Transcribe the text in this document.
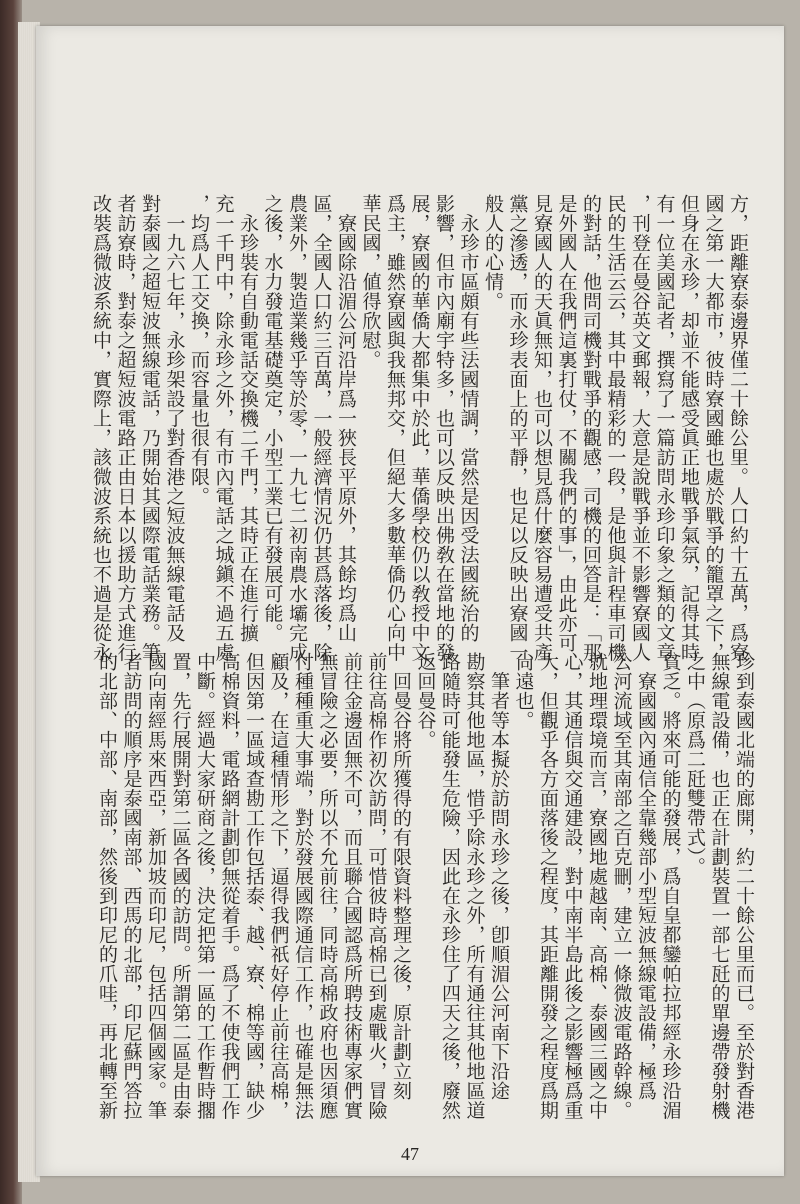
方，距離寮泰邊界僅二十餘公里。人口約十五萬，爲寮
國之第一大都市，彼時寮國雖也處於戰爭的籠罩之下，
但身在永珍，却並不能感受眞正地戰爭氣氛，記得其時
有一位美國記者，撰寫了一篇訪問永珍印象之類的文章
，刊登在曼谷英文郵報，大意是說戰爭並不影響寮國人
民的生活云云，其中最精彩的一段，是他與計程車司機
的對話，他問司機對戰爭的觀感，司機的回答是：「那
是外國人在我們這裏打仗，不關我們的事」，由此亦可
見寮國人的天眞無知，也可以想見爲什麼容易遭受共產
黨之滲透，而永珍表面上的平靜，也足以反映出寮國一
般人的心情。
　永珍市區頗有些法國情調，當然是因受法國統治的
影響，但市內廟宇特多，也可以反映出佛敎在當地的發
展，寮國的華僑大都集中於此，華僑學校仍以敎授中文
爲主，雖然寮國與我無邦交，但絕大多數華僑仍心向中
華民國，値得欣慰。
　寮國除沿湄公河沿岸爲一狹長平原外，其餘均爲山
區，全國人口約三百萬，一般經濟情況仍甚爲落後，除
農業外，製造業幾乎等於零，一九七二初南農水壩完成
之後，水力發電基礎奠定，小型工業已有發展可能。
　永珍裝有自動電話交換機二千門，其時正在進行擴
充一千門中，除永珍之外，有市內電話之城鎭不過五處
，均爲人工交換，而容量也很有限。
　一九六七年，永珍架設了對香港之短波無線電話及
對泰國之超短波無線電話，乃開始其國際電話業務。筆
者訪寮時，對泰之超短波電路正由日本以援助方式進行
改裝爲微波系統中，實際上，該微波系統也不過是從永
珍到泰國北端的廊開，約二十餘公里而已。至於對香港
無線電設備，也正在計劃裝置一部七瓩的單邊帶發射機
之中（原爲二瓩雙帶式）。
貧乏。將來可能的發展，爲自皇都鑾帕拉邦經永珍沿湄
　寮國國內通信全靠幾部小型短波無線電設備，極爲
公河流域至其南部之百克刪，建立一條微波電路幹線。
就地理環境而言，寮國地處越南、高棉、泰國三國之中
心，其通信與交通建設，對中南半島此後之影響極爲重
大，但觀乎各方面落後之程度，其距離開發之程度爲期
尙遠也。
　筆者等本擬於訪問永珍之後，卽順湄公河南下沿途
勘察其他地區，惜乎除永珍之外，所有通往其他地區道
路隨時可能發生危險，因此在永珍住了四天之後，廢然
返回曼谷。
　回曼谷將所獲得的有限資料整理之後，原計劃立刻
前往高棉作初次訪問，可惜彼時高棉已到處戰火，冒險
前往金邊固無不可，而且聯合國認爲所聘技術專家們實
無冒險之必要，所以不允前往，同時高棉政府也因須應
付種種重大事端，對於發展國際通信工作，也確是無法
顧及，在這種情形之下，逼得我們祇好停止前往高棉，
但因第一區域查勘工作包括泰、越、寮、棉等國，缺少
高棉資料，電路網計劃卽無從着手。爲了不使我們工作
中斷。經過大家研商之後，決定把第一區的工作暫時擱
置，先行展開對第二區各國的訪問。所謂第二區是由泰
國向南經馬來西亞，新加坡而印尼，包括四個國家。筆
者訪問的順序是泰國南部、西馬的北部，印尼蘇門答拉
的北部、中部、南部，然後到印尼的爪哇，再北轉至新
47
